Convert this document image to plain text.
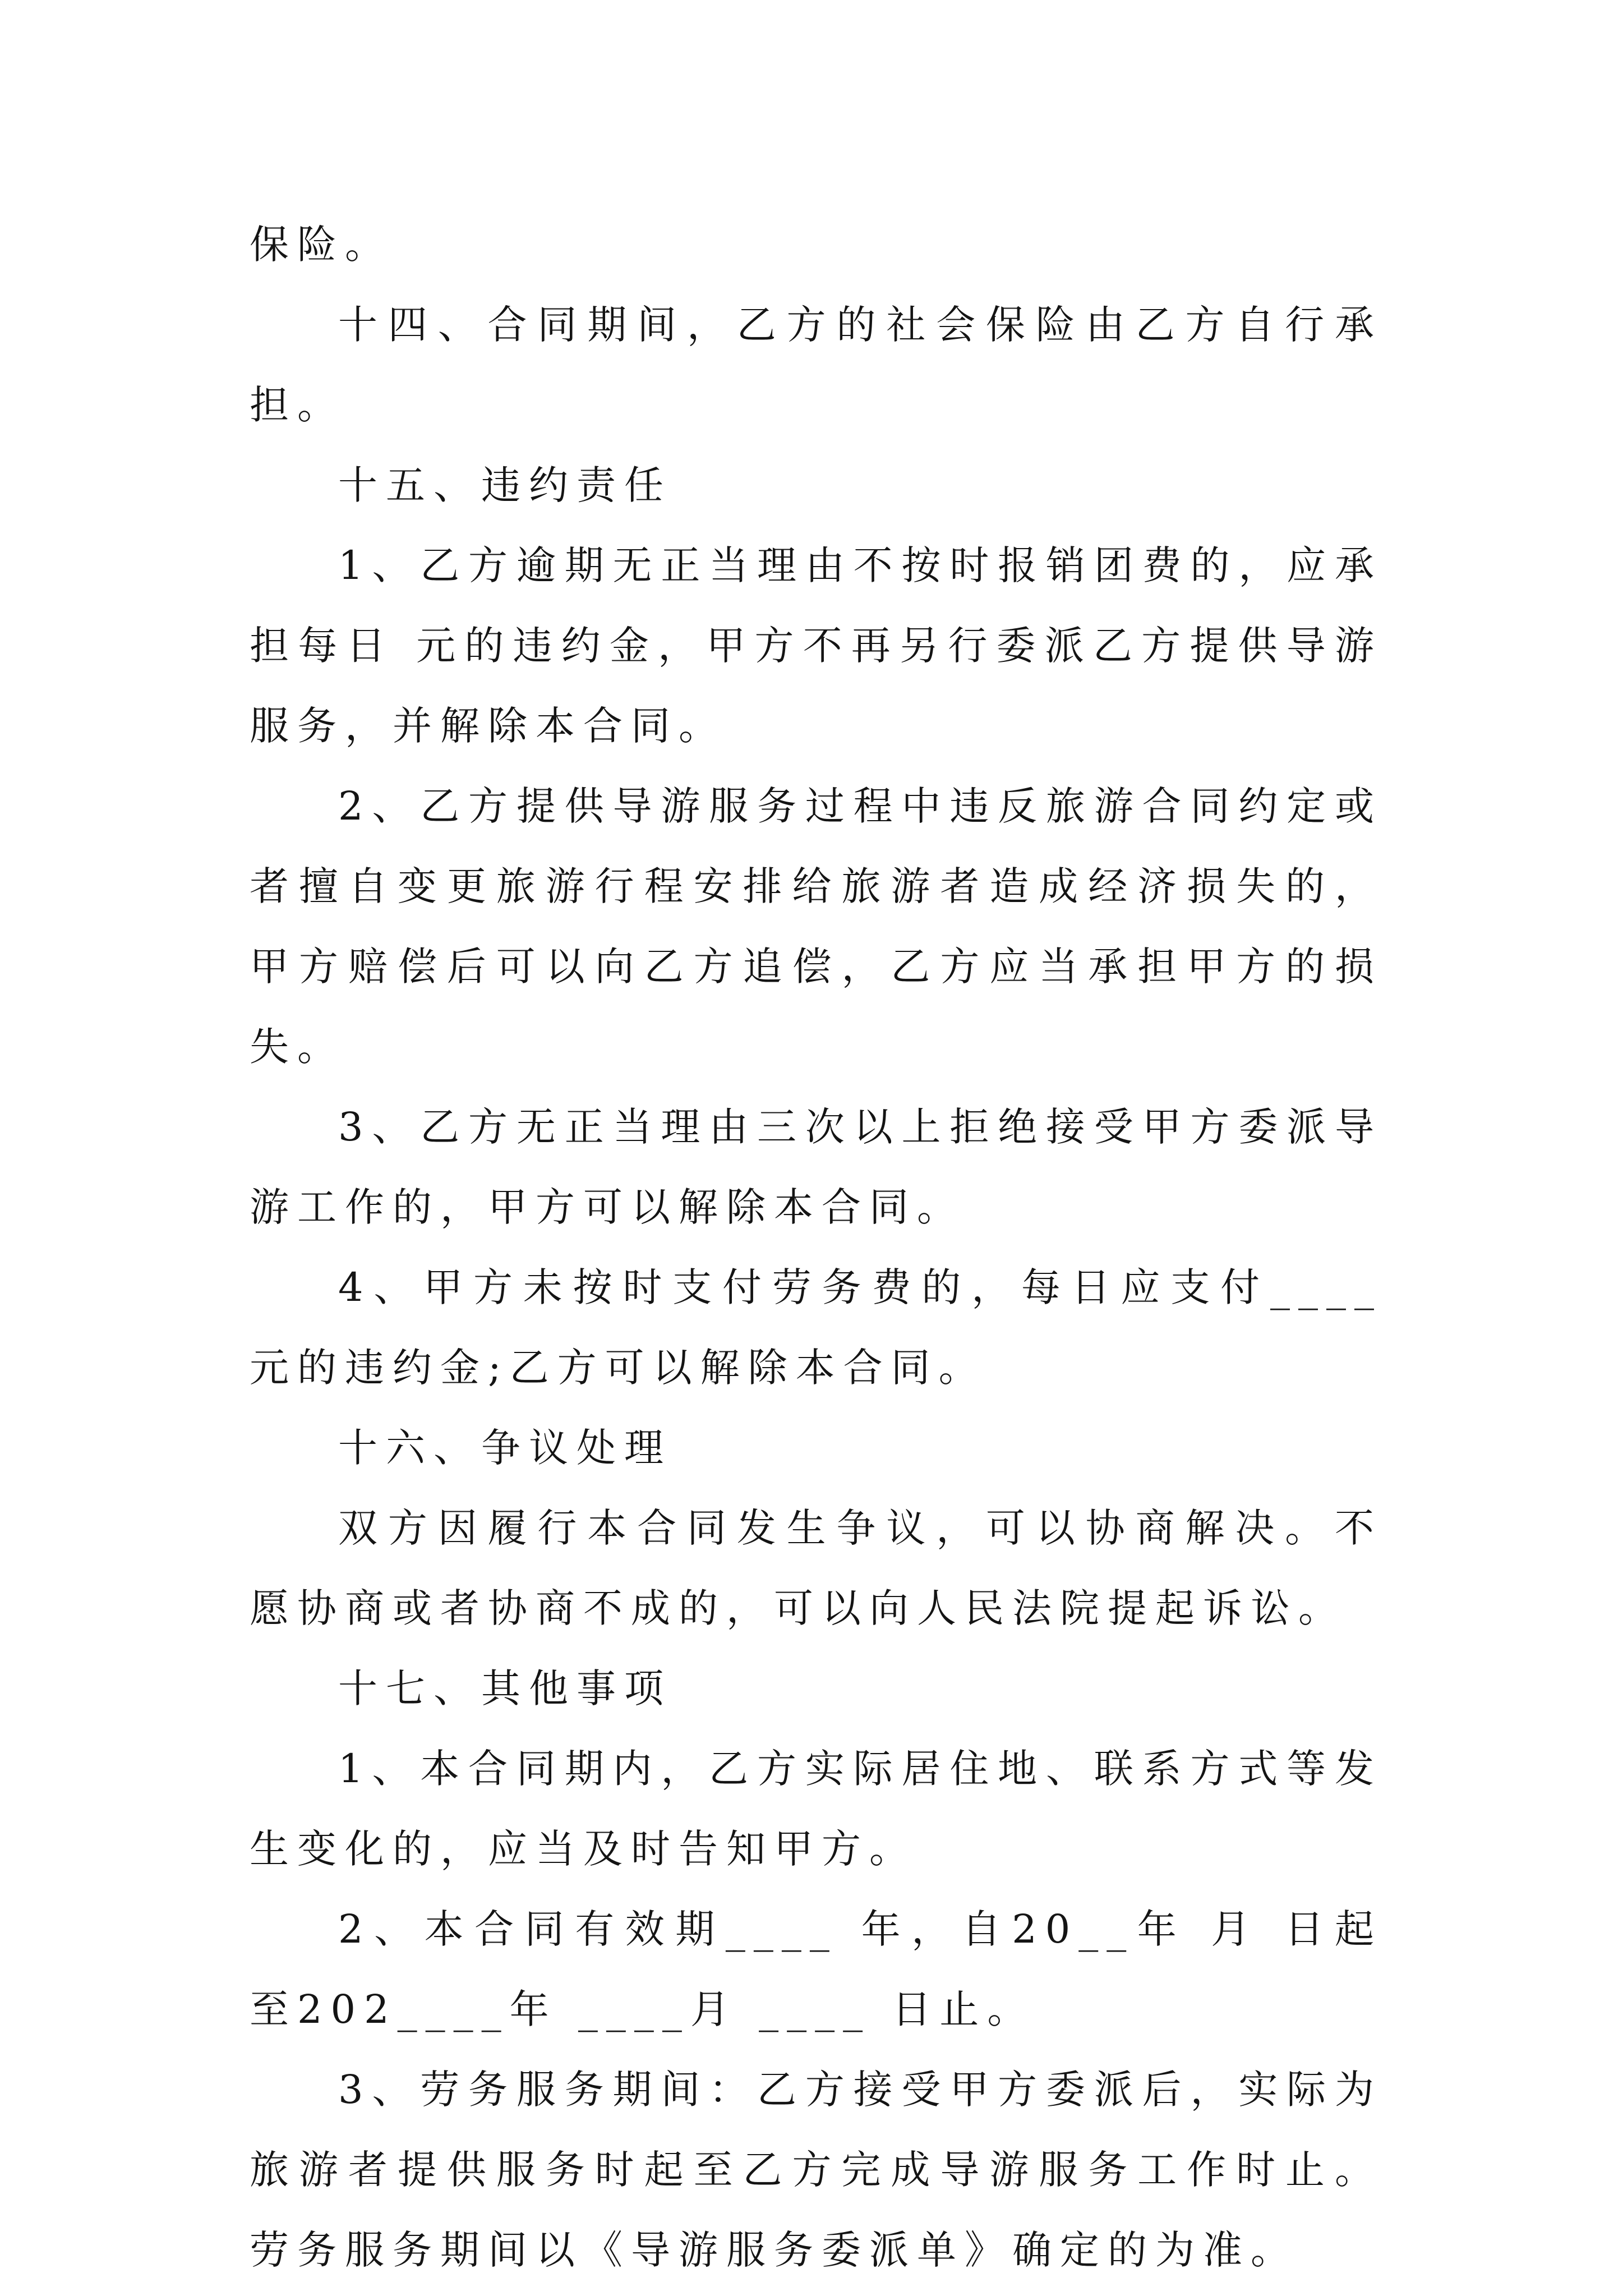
保险。

十四、合同期间，乙方的社会保险由乙方自行承担。

十五、违约责任

1、乙方逾期无正当理由不按时报销团费的，应承担每日 元的违约金，甲方不再另行委派乙方提供导游服务，并解除本合同。

2、乙方提供导游服务过程中违反旅游合同约定或者擅自变更旅游行程安排给旅游者造成经济损失的，甲方赔偿后可以向乙方追偿，乙方应当承担甲方的损失。

3、乙方无正当理由三次以上拒绝接受甲方委派导游工作的，甲方可以解除本合同。

4、甲方未按时支付劳务费的，每日应支付____ 元的违约金;乙方可以解除本合同。

十六、争议处理

双方因履行本合同发生争议，可以协商解决。不愿协商或者协商不成的，可以向人民法院提起诉讼。

十七、其他事项

1、本合同期内，乙方实际居住地、联系方式等发生变化的，应当及时告知甲方。

2、本合同有效期____ 年，自20__年 月 日起至202____年 ____月 ____ 日止。

3、劳务服务期间：乙方接受甲方委派后，实际为旅游者提供服务时起至乙方完成导游服务工作时止。劳务服务期间以《导游服务委派单》确定的为准。
